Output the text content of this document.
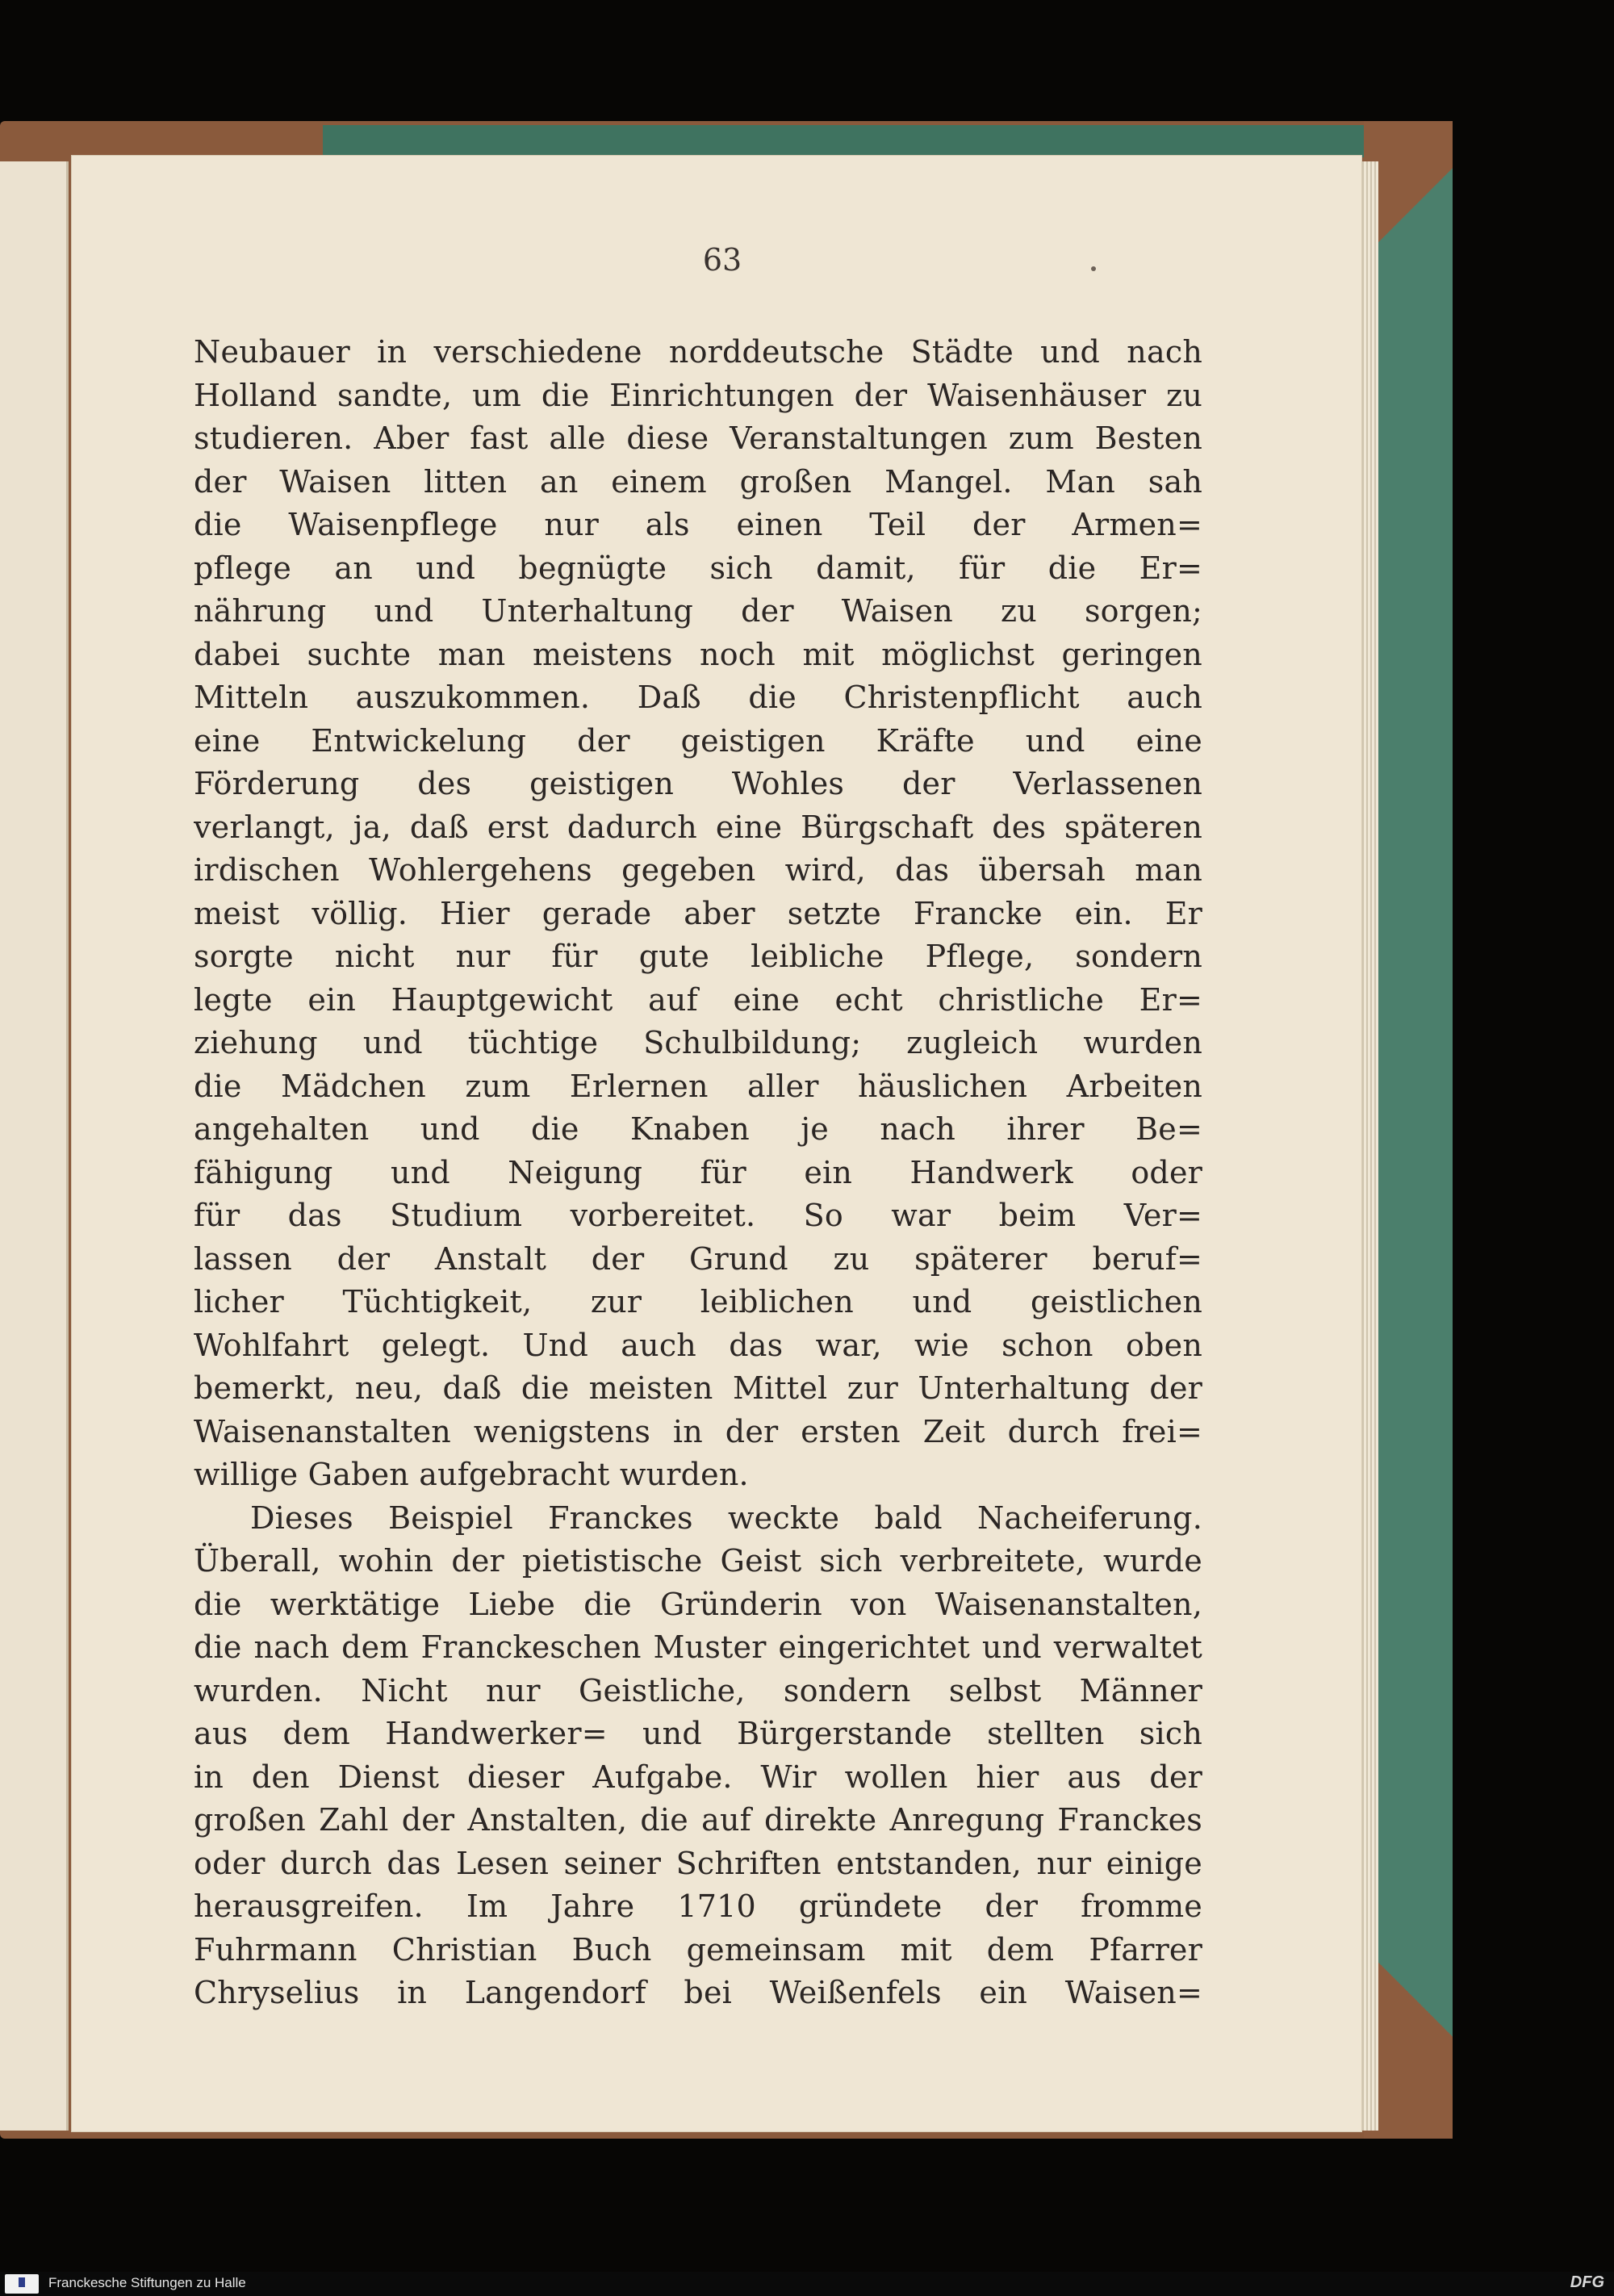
63
Neubauer in verschiedene norddeutsche Städte und nach
Holland sandte, um die Einrichtungen der Waisenhäuser zu
studieren. Aber fast alle diese Veranstaltungen zum Besten
der Waisen litten an einem großen Mangel. Man sah
die Waisenpflege nur als einen Teil der Armen=
pflege an und begnügte sich damit, für die Er=
nährung und Unterhaltung der Waisen zu sorgen;
dabei suchte man meistens noch mit möglichst geringen
Mitteln auszukommen. Daß die Christenpflicht auch
eine Entwickelung der geistigen Kräfte und eine
Förderung des geistigen Wohles der Verlassenen
verlangt, ja, daß erst dadurch eine Bürgschaft des späteren
irdischen Wohlergehens gegeben wird, das übersah man
meist völlig. Hier gerade aber setzte Francke ein. Er
sorgte nicht nur für gute leibliche Pflege, sondern
legte ein Hauptgewicht auf eine echt christliche Er=
ziehung und tüchtige Schulbildung; zugleich wurden
die Mädchen zum Erlernen aller häuslichen Arbeiten
angehalten und die Knaben je nach ihrer Be=
fähigung und Neigung für ein Handwerk oder
für das Studium vorbereitet. So war beim Ver=
lassen der Anstalt der Grund zu späterer beruf=
licher Tüchtigkeit, zur leiblichen und geistlichen
Wohlfahrt gelegt. Und auch das war, wie schon oben
bemerkt, neu, daß die meisten Mittel zur Unterhaltung der
Waisenanstalten wenigstens in der ersten Zeit durch frei=
willige Gaben aufgebracht wurden.
Dieses Beispiel Franckes weckte bald Nacheiferung.
Überall, wohin der pietistische Geist sich verbreitete, wurde
die werktätige Liebe die Gründerin von Waisenanstalten,
die nach dem Franckeschen Muster eingerichtet und verwaltet
wurden. Nicht nur Geistliche, sondern selbst Männer
aus dem Handwerker= und Bürgerstande stellten sich
in den Dienst dieser Aufgabe. Wir wollen hier aus der
großen Zahl der Anstalten, die auf direkte Anregung Franckes
oder durch das Lesen seiner Schriften entstanden, nur einige
herausgreifen. Im Jahre 1710 gründete der fromme
Fuhrmann Christian Buch gemeinsam mit dem Pfarrer
Chryselius in Langendorf bei Weißenfels ein Waisen=
Franckesche Stiftungen zu Halle	DFG
